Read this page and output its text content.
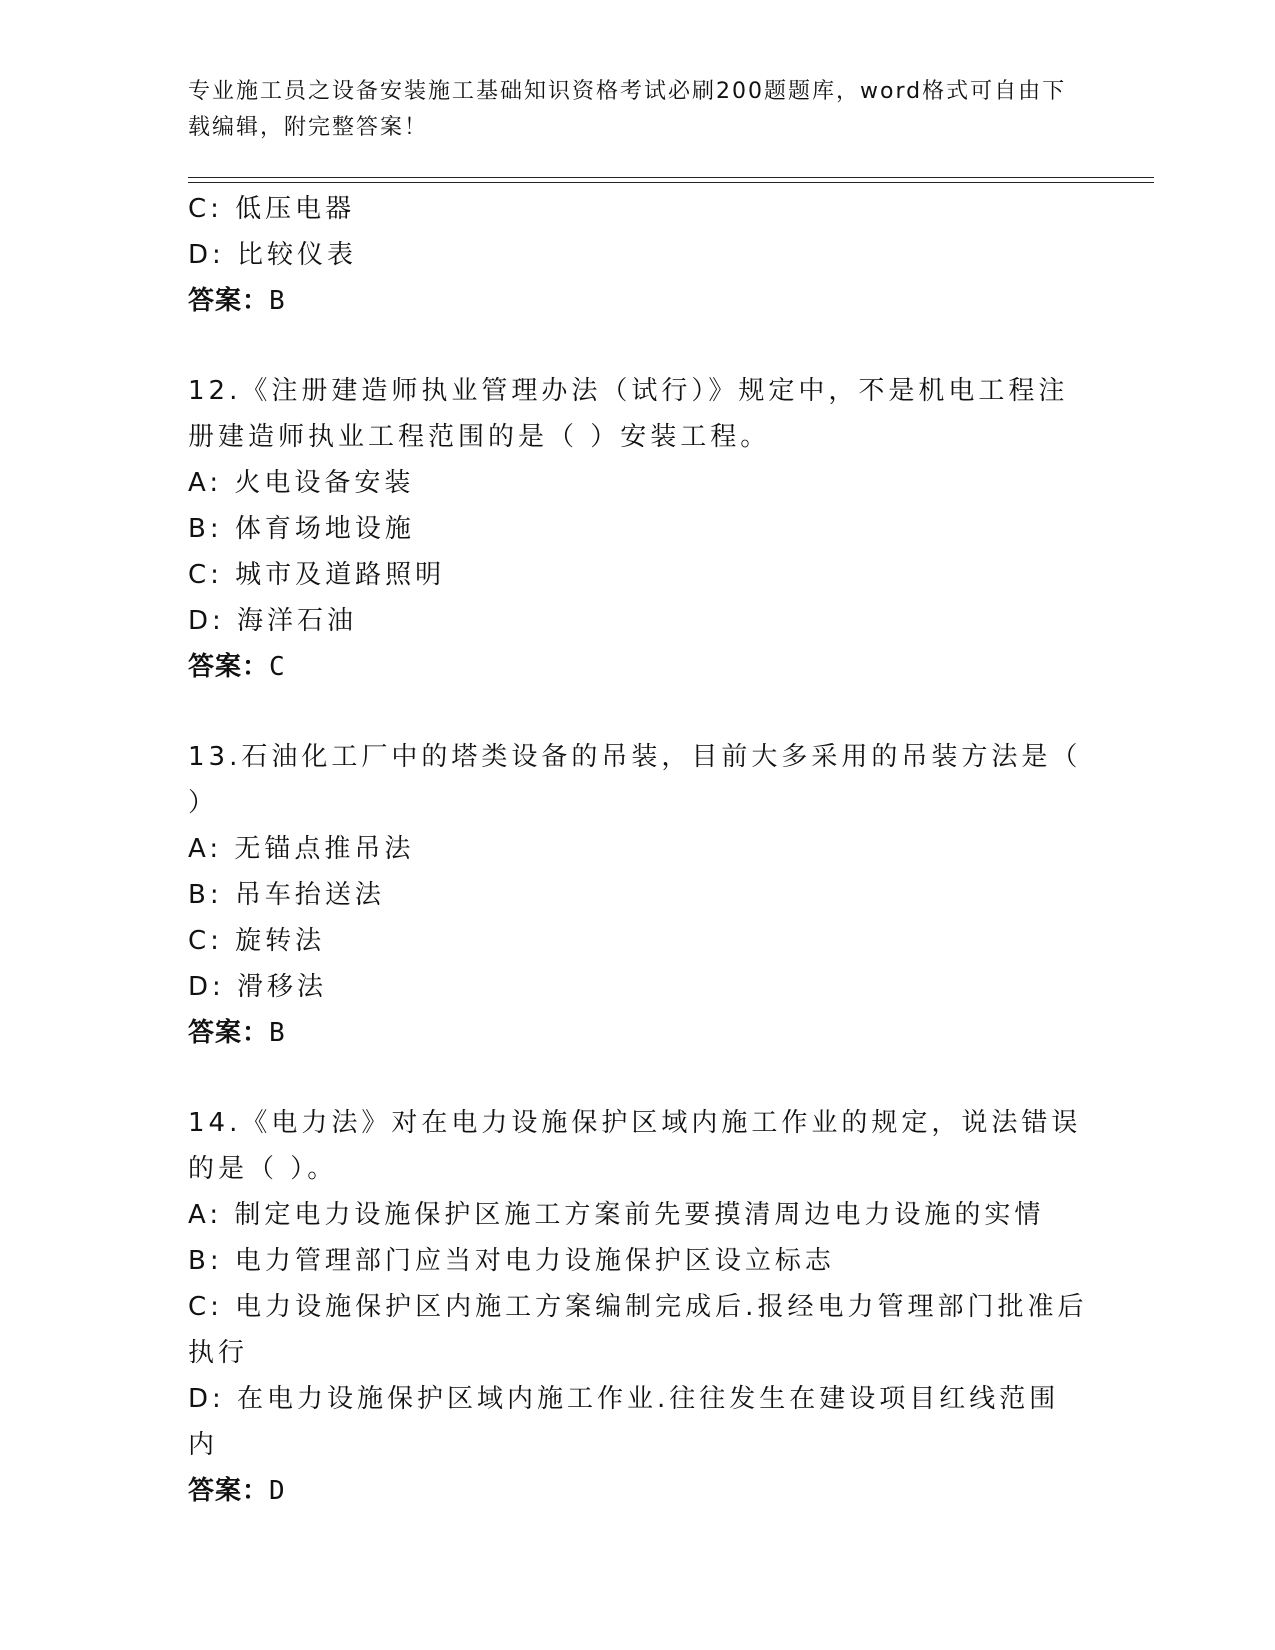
专业施工员之设备安装施工基础知识资格考试必刷200题题库，word格式可自由下载编辑，附完整答案！

C: 低压电器

D: 比较仪表

答案：B

12.《注册建造师执业管理办法（试行）》规定中，不是机电工程注册建造师执业工程范围的是（ ）安装工程。

A: 火电设备安装

B: 体育场地设施

C: 城市及道路照明

D: 海洋石油

答案：C

13.石油化工厂中的塔类设备的吊装，目前大多采用的吊装方法是（ ）

A: 无锚点推吊法

B: 吊车抬送法

C: 旋转法

D: 滑移法

答案：B

14.《电力法》对在电力设施保护区域内施工作业的规定，说法错误的是（ ）。

A: 制定电力设施保护区施工方案前先要摸清周边电力设施的实情

B: 电力管理部门应当对电力设施保护区设立标志

C: 电力设施保护区内施工方案编制完成后.报经电力管理部门批准后执行

D: 在电力设施保护区域内施工作业.往往发生在建设项目红线范围内

答案：D
